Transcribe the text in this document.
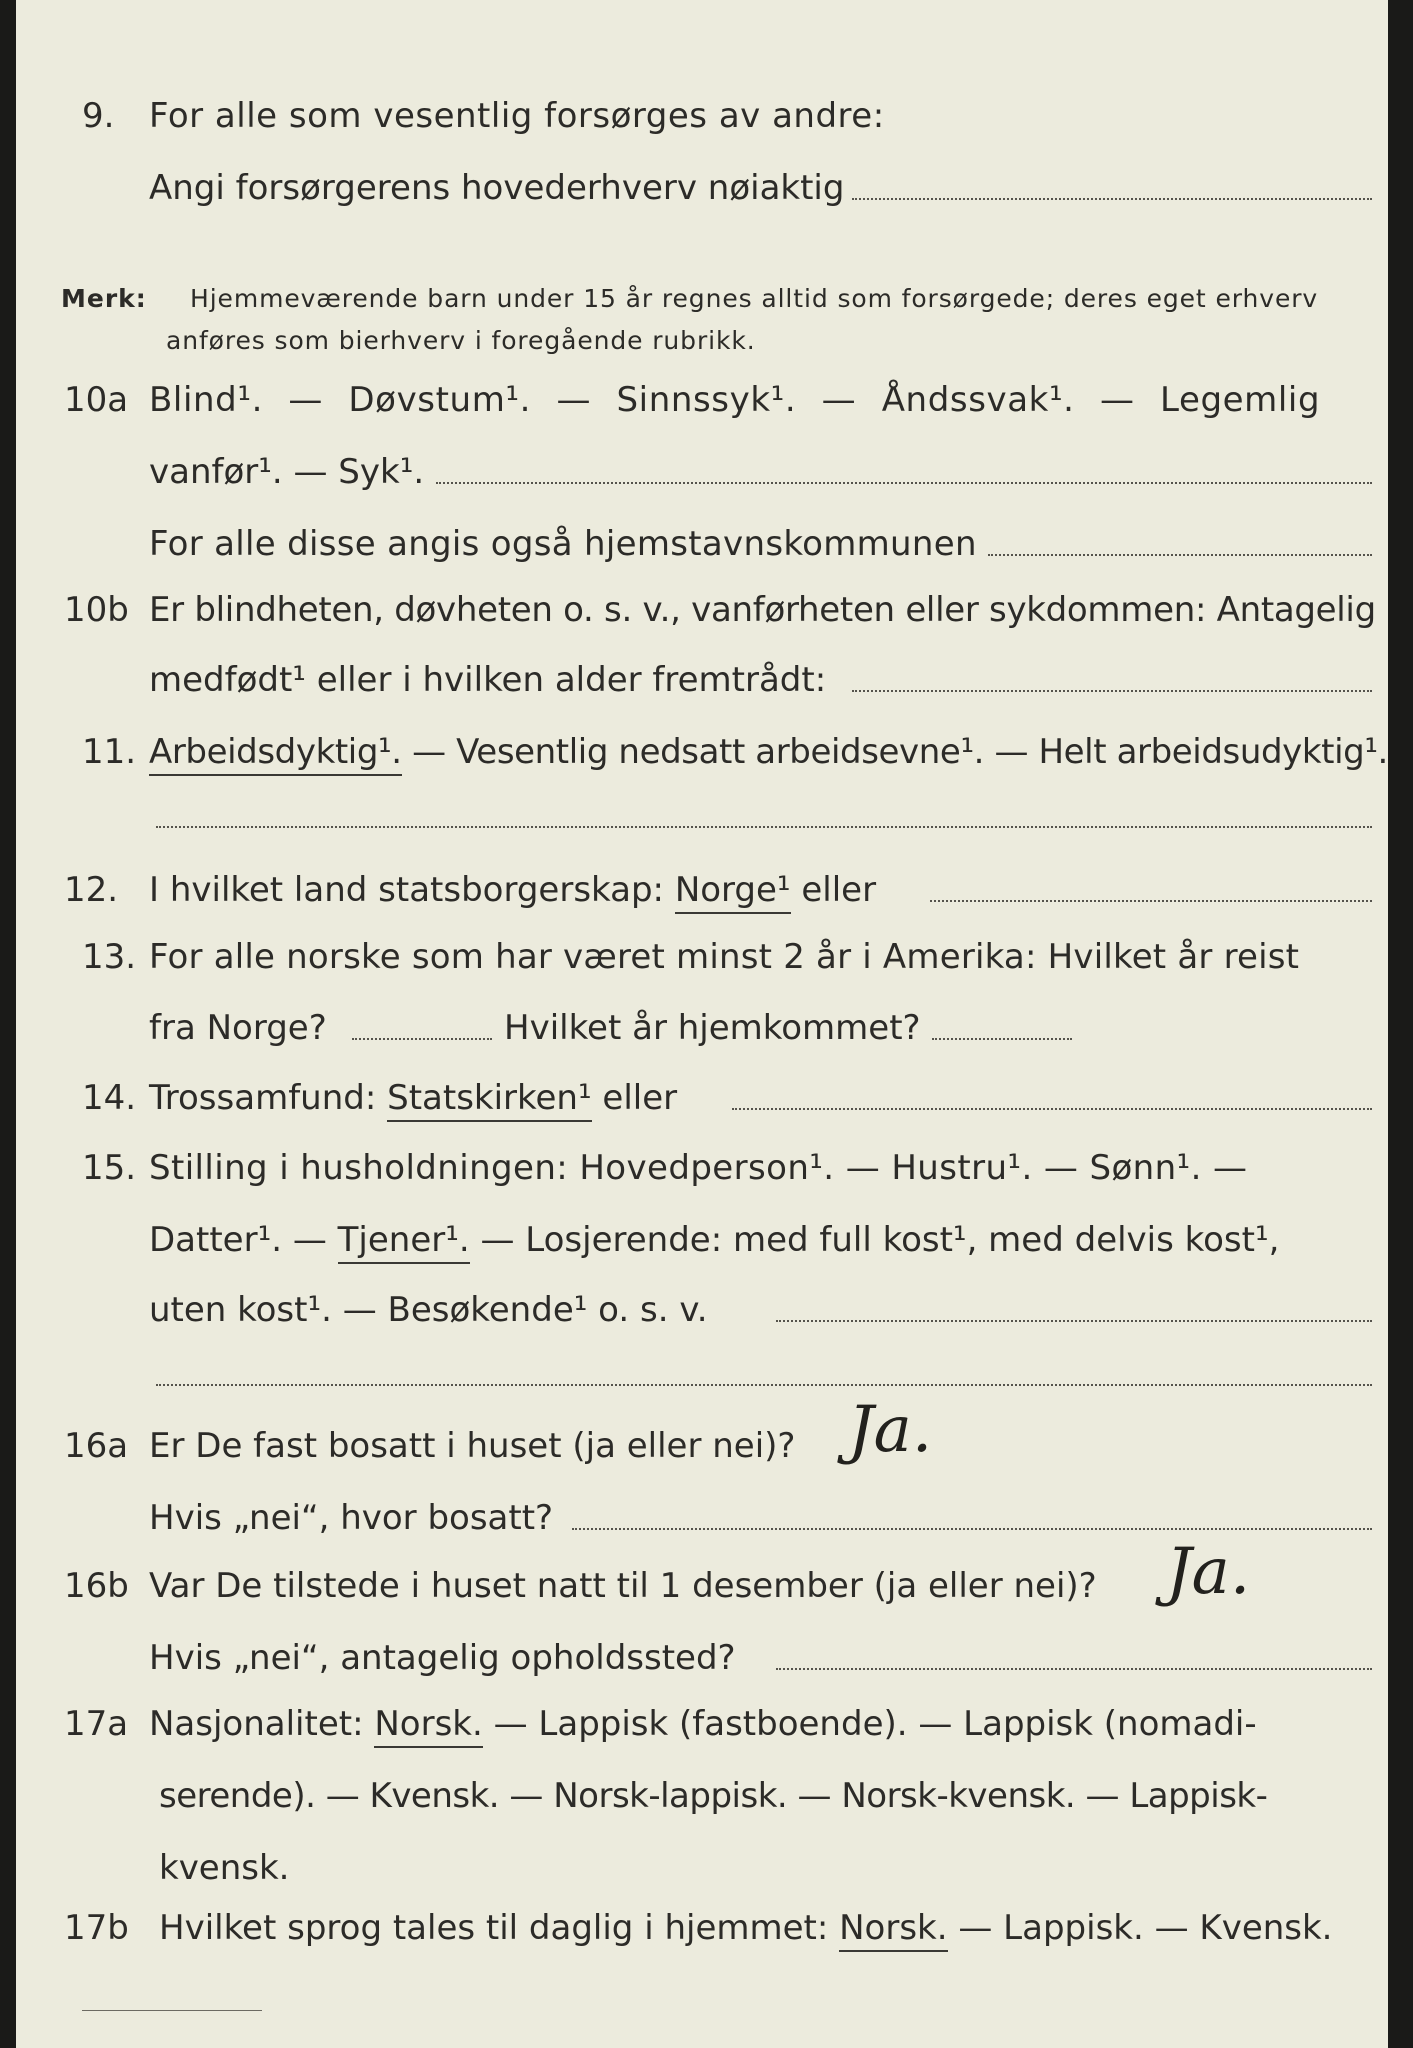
9. For alle som vesentlig forsørges av andre:
Angi forsørgerens hovederhverv nøiaktig
Merk: Hjemmeværende barn under 15 år regnes alltid som forsørgede; deres eget erhverv
anføres som bierhverv i foregående rubrikk.
10a Blind¹. — Døvstum¹. — Sinnssyk¹. — Åndssvak¹. — Legemlig
vanfør¹. — Syk¹.
For alle disse angis også hjemstavnskommunen
10b Er blindheten, døvheten o. s. v., vanførheten eller sykdommen: Antagelig
medfødt¹ eller i hvilken alder fremtrådt:
11. Arbeidsdyktig¹. — Vesentlig nedsatt arbeidsevne¹. — Helt arbeidsudyktig¹.
12. I hvilket land statsborgerskap: Norge¹ eller
13. For alle norske som har været minst 2 år i Amerika: Hvilket år reist
fra Norge?	Hvilket år hjemkommet?
14. Trossamfund: Statskirken¹ eller
15. Stilling i husholdningen: Hovedperson¹. — Hustru¹. — Sønn¹. —
Datter¹. — Tjener¹. — Losjerende: med full kost¹, med delvis kost¹,
uten kost¹. — Besøkende¹ o. s. v.
16a Er De fast bosatt i huset (ja eller nei)? Ja.
Hvis „nei“, hvor bosatt?
16b Var De tilstede i huset natt til 1 desember (ja eller nei)? Ja.
Hvis „nei“, antagelig opholdssted?
17a Nasjonalitet: Norsk. — Lappisk (fastboende). — Lappisk (nomadi-
serende). — Kvensk. — Norsk-lappisk. — Norsk-kvensk. — Lappisk-
kvensk.
17b Hvilket sprog tales til daglig i hjemmet: Norsk. — Lappisk. — Kvensk.
